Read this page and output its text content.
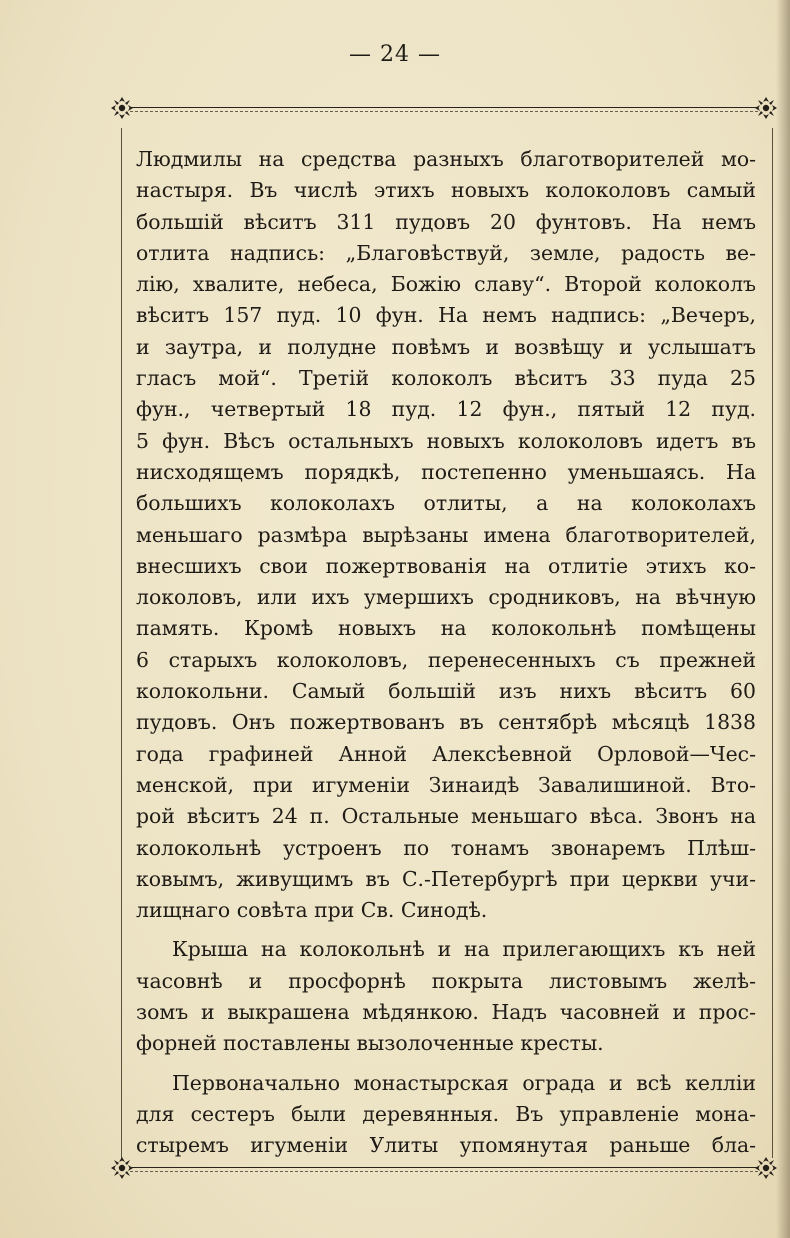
— 24 —
Людмилы на средства разныхъ благотворителей мо-
настыря. Въ числѣ этихъ новыхъ колоколовъ самый
большій вѣситъ 311 пудовъ 20 фунтовъ. На немъ
отлита надпись: „Благовѣствуй, земле, радость ве-
лію, хвалите, небеса, Божію славу“. Второй колоколъ
вѣситъ 157 пуд. 10 фун. На немъ надпись: „Вечеръ,
и заутра, и полудне повѣмъ и возвѣщу и услышатъ
гласъ мой“. Третій колоколъ вѣситъ 33 пуда 25
фун., четвертый 18 пуд. 12 фун., пятый 12 пуд.
5 фун. Вѣсъ остальныхъ новыхъ колоколовъ идетъ въ
нисходящемъ порядкѣ, постепенно уменьшаясь. На
большихъ колоколахъ отлиты, а на колоколахъ
меньшаго размѣра вырѣзаны имена благотворителей,
внесшихъ свои пожертвованія на отлитіе этихъ ко-
локоловъ, или ихъ умершихъ сродниковъ, на вѣчную
память. Кромѣ новыхъ на колокольнѣ помѣщены
6 старыхъ колоколовъ, перенесенныхъ съ прежней
колокольни. Самый большій изъ нихъ вѣситъ 60
пудовъ. Онъ пожертвованъ въ сентябрѣ мѣсяцѣ 1838
года графиней Анной Алексѣевной Орловой—Чес-
менской, при игуменіи Зинаидѣ Завалишиной. Вто-
рой вѣситъ 24 п. Остальные меньшаго вѣса. Звонъ на
колокольнѣ устроенъ по тонамъ звонаремъ Плѣш-
ковымъ, живущимъ въ С.-Петербургѣ при церкви учи-
лищнаго совѣта при Св. Синодѣ.
Крыша на колокольнѣ и на прилегающихъ къ ней
часовнѣ и просфорнѣ покрыта листовымъ желѣ-
зомъ и выкрашена мѣдянкою. Надъ часовней и прос-
форней поставлены вызолоченные кресты.
Первоначально монастырская ограда и всѣ келліи
для сестеръ были деревянныя. Въ управленіе мона-
стыремъ игуменіи Улиты упомянутая раньше бла-
